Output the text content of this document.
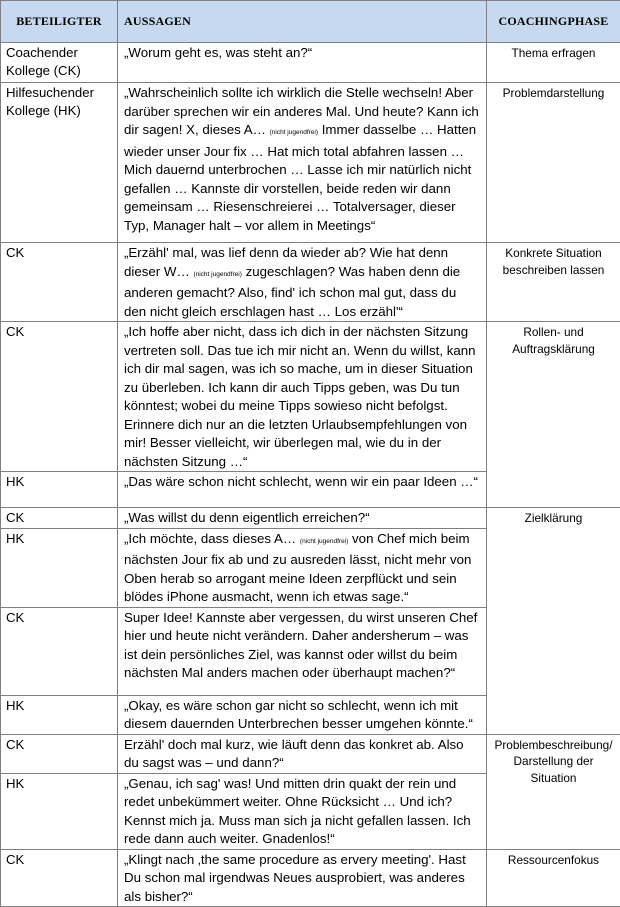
BETEILIGTER	AUSSAGEN	COACHINGPHASE
Coachender Kollege (CK)	„Worum geht es, was steht an?“	Thema erfragen
Hilfesuchender Kollege (HK)	„Wahrscheinlich sollte ich wirklich die Stelle wechseln! Aber darüber sprechen wir ein anderes Mal. Und heute? Kann ich dir sagen! X, dieses A… (nicht jugendfrei) Immer dasselbe … Hatten wieder unser Jour fix … Hat mich total abfahren lassen … Mich dauernd unterbrochen … Lasse ich mir natürlich nicht gefallen … Kannste dir vorstellen, beide reden wir dann gemeinsam … Riesenschreierei … Totalversager, dieser Typ, Manager halt – vor allem in Meetings“	Problemdarstellung
CK	„Erzähl' mal, was lief denn da wieder ab? Wie hat denn dieser W… (nicht jugendfrei) zugeschlagen? Was haben denn die anderen gemacht? Also, find' ich schon mal gut, dass du den nicht gleich erschlagen hast … Los erzähl'“	Konkrete Situation beschreiben lassen
CK	„Ich hoffe aber nicht, dass ich dich in der nächsten Sitzung vertreten soll. Das tue ich mir nicht an. Wenn du willst, kann ich dir mal sagen, was ich so mache, um in dieser Situation zu überleben. Ich kann dir auch Tipps geben, was Du tun könntest; wobei du meine Tipps sowieso nicht befolgst. Erinnere dich nur an die letzten Urlaubsempfehlungen von mir! Besser vielleicht, wir überlegen mal, wie du in der nächsten Sitzung …“	Rollen- und Auftragsklärung
HK	„Das wäre schon nicht schlecht, wenn wir ein paar Ideen …“	
CK	„Was willst du denn eigentlich erreichen?“	Zielklärung
HK	„Ich möchte, dass dieses A… (nicht jugendfrei) von Chef mich beim nächsten Jour fix ab und zu ausreden lässt, nicht mehr von Oben herab so arrogant meine Ideen zerpflückt und sein blödes iPhone ausmacht, wenn ich etwas sage.“	
CK	Super Idee! Kannste aber vergessen, du wirst unseren Chef hier und heute nicht verändern. Daher andersherum – was ist dein persönliches Ziel, was kannst oder willst du beim nächsten Mal anders machen oder überhaupt machen?“	
HK	„Okay, es wäre schon gar nicht so schlecht, wenn ich mit diesem dauernden Unterbrechen besser umgehen könnte.“	
CK	Erzähl' doch mal kurz, wie läuft denn das konkret ab. Also du sagst was – und dann?“	Problembeschreibung/ Darstellung der Situation
HK	„Genau, ich sag' was! Und mitten drin quakt der rein und redet unbekümmert weiter. Ohne Rücksicht … Und ich? Kennst mich ja. Muss man sich ja nicht gefallen lassen. Ich rede dann auch weiter. Gnadenlos!“	
CK	„Klingt nach ‚the same procedure as ervery meeting'. Hast Du schon mal irgendwas Neues ausprobiert, was anderes als bisher?“	Ressourcenfokus
